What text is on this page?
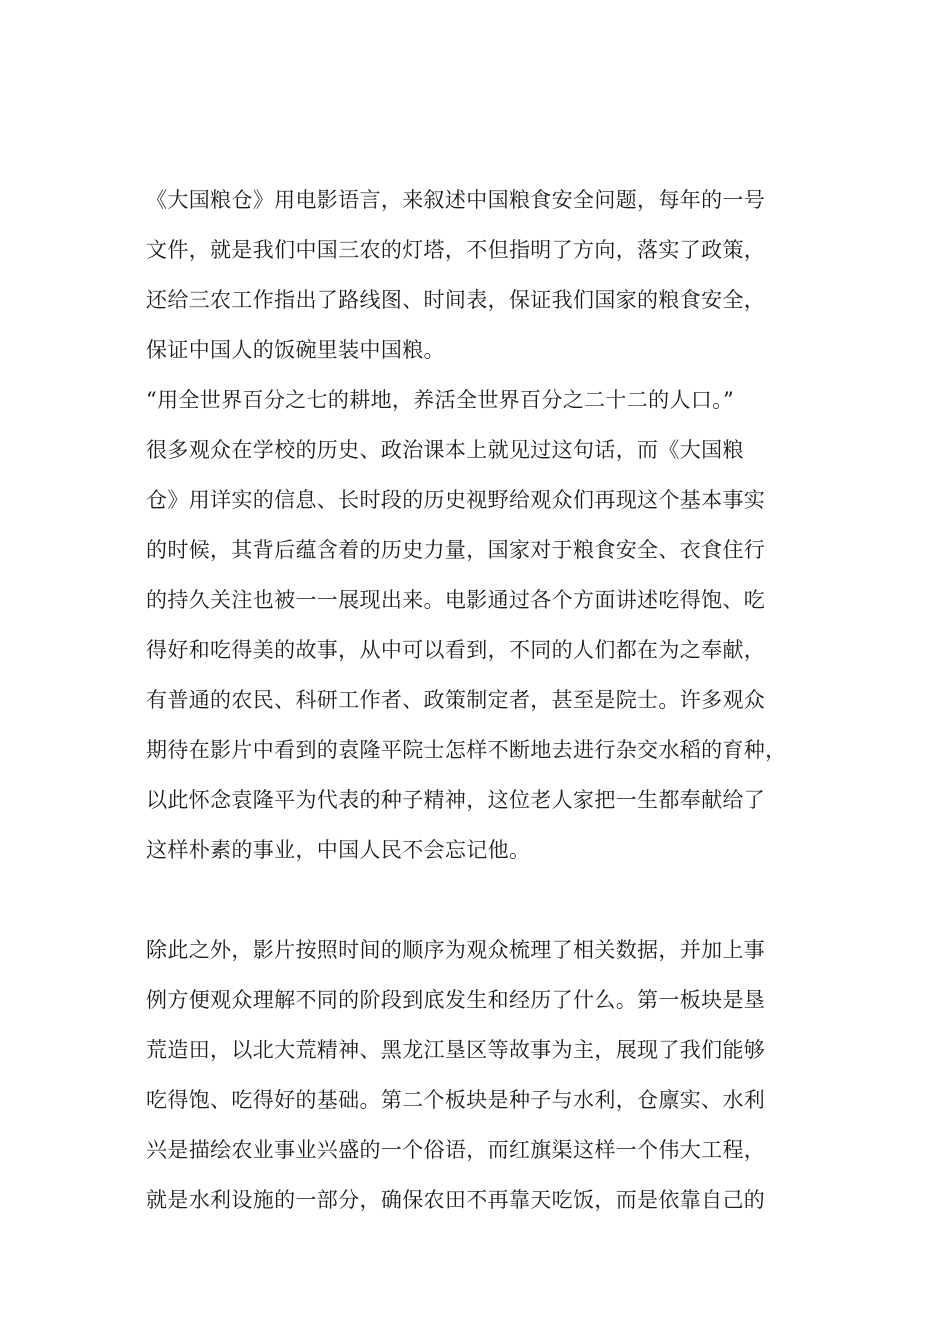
《大国粮仓》用电影语言，来叙述中国粮食安全问题，每年的一号
文件，就是我们中国三农的灯塔，不但指明了方向，落实了政策，
还给三农工作指出了路线图、时间表，保证我们国家的粮食安全，
保证中国人的饭碗里装中国粮。
“用全世界百分之七的耕地，养活全世界百分之二十二的人口。”
很多观众在学校的历史、政治课本上就见过这句话，而《大国粮
仓》用详实的信息、长时段的历史视野给观众们再现这个基本事实
的时候，其背后蕴含着的历史力量，国家对于粮食安全、衣食住行
的持久关注也被一一展现出来。电影通过各个方面讲述吃得饱、吃
得好和吃得美的故事，从中可以看到，不同的人们都在为之奉献，
有普通的农民、科研工作者、政策制定者，甚至是院士。许多观众
期待在影片中看到的袁隆平院士怎样不断地去进行杂交水稻的育种，
以此怀念袁隆平为代表的种子精神，这位老人家把一生都奉献给了
这样朴素的事业，中国人民不会忘记他。
除此之外，影片按照时间的顺序为观众梳理了相关数据，并加上事
例方便观众理解不同的阶段到底发生和经历了什么。第一板块是垦
荒造田，以北大荒精神、黑龙江垦区等故事为主，展现了我们能够
吃得饱、吃得好的基础。第二个板块是种子与水利，仓廪实、水利
兴是描绘农业事业兴盛的一个俗语，而红旗渠这样一个伟大工程，
就是水利设施的一部分，确保农田不再靠天吃饭，而是依靠自己的
